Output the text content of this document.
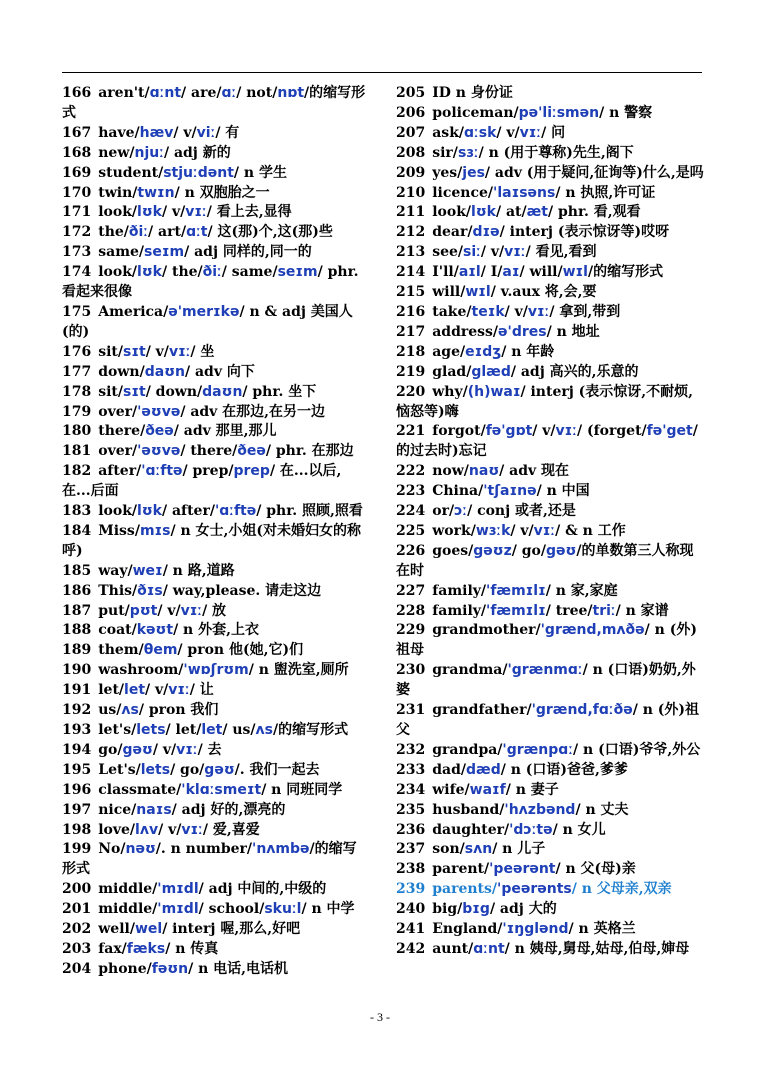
166 aren't/ɑːnt/ are/ɑː/ not/nɒt/的缩写形式
167 have/hæv/ v/viː/ 有
168 new/njuː/ adj 新的
169 student/stjuːdənt/ n 学生
170 twin/twɪn/ n 双胞胎之一
171 look/lʊk/ v/vɪː/ 看上去,显得
172 the/ðiː/ art/ɑːt/ 这(那)个,这(那)些
173 same/seɪm/ adj 同样的,同一的
174 look/lʊk/ the/ðiː/ same/seɪm/ phr. 看起来很像
175 America/ə'merɪkə/ n & adj 美国人(的)
176 sit/sɪt/ v/vɪː/ 坐
177 down/daʊn/ adv 向下
178 sit/sɪt/ down/daʊn/ phr. 坐下
179 over/'əʊvə/ adv 在那边,在另一边
180 there/ðeə/ adv 那里,那儿
181 over/'əʊvə/ there/ðeə/ phr. 在那边
182 after/'ɑːftə/ prep/prep/ 在...以后,在...后面
183 look/lʊk/ after/'ɑːftə/ phr. 照顾,照看
184 Miss/mɪs/ n 女士,小姐(对未婚妇女的称呼)
185 way/weɪ/ n 路,道路
186 This/ðɪs/ way,please. 请走这边
187 put/pʊt/ v/vɪː/ 放
188 coat/kəʊt/ n 外套,上衣
189 them/θem/ pron 他(她,它)们
190 washroom/'wɒʃrʊm/ n 盥洗室,厕所
191 let/let/ v/vɪː/ 让
192 us/ʌs/ pron 我们
193 let's/lets/ let/let/ us/ʌs/的缩写形式
194 go/gəʊ/ v/vɪː/ 去
195 Let's/lets/ go/gəʊ/. 我们一起去
196 classmate/'klɑːsmeɪt/ n 同班同学
197 nice/naɪs/ adj 好的,漂亮的
198 love/lʌv/ v/vɪː/ 爱,喜爱
199 No/nəʊ/. n number/'nʌmbə/的缩写形式
200 middle/'mɪdl/ adj 中间的,中级的
201 middle/'mɪdl/ school/skuːl/ n 中学
202 well/wel/ interj 喔,那么,好吧
203 fax/fæks/ n 传真
204 phone/fəʊn/ n 电话,电话机
205 ID n 身份证
206 policeman/pə'liːsmən/ n 警察
207 ask/ɑːsk/ v/vɪː/ 问
208 sir/sɜː/ n (用于尊称)先生,阁下
209 yes/jes/ adv (用于疑问,征询等)什么,是吗
210 licence/'laɪsəns/ n 执照,许可证
211 look/lʊk/ at/æt/ phr. 看,观看
212 dear/dɪə/ interj (表示惊讶等)哎呀
213 see/siː/ v/vɪː/ 看见,看到
214 I'll/aɪl/ I/aɪ/ will/wɪl/的缩写形式
215 will/wɪl/ v.aux 将,会,要
216 take/teɪk/ v/vɪː/ 拿到,带到
217 address/ə'dres/ n 地址
218 age/eɪdʒ/ n 年龄
219 glad/glæd/ adj 高兴的,乐意的
220 why/(h)waɪ/ interj (表示惊讶,不耐烦,恼怒等)嗨
221 forgot/fə'gɒt/ v/vɪː/ (forget/fə'get/的过去时)忘记
222 now/naʊ/ adv 现在
223 China/'tʃaɪnə/ n 中国
224 or/ɔː/ conj 或者,还是
225 work/wɜːk/ v/vɪː/ & n 工作
226 goes/gəʊz/ go/gəʊ/的单数第三人称现在时
227 family/'fæmɪlɪ/ n 家,家庭
228 family/'fæmɪlɪ/ tree/triː/ n 家谱
229 grandmother/'grænd,mʌðə/ n (外)祖母
230 grandma/'grænmɑː/ n (口语)奶奶,外婆
231 grandfather/'grænd,fɑːðə/ n (外)祖父
232 grandpa/'grænpɑː/ n (口语)爷爷,外公
233 dad/dæd/ n (口语)爸爸,爹爹
234 wife/waɪf/ n 妻子
235 husband/'hʌzbənd/ n 丈夫
236 daughter/'dɔːtə/ n 女儿
237 son/sʌn/ n 儿子
238 parent/'peərənt/ n 父(母)亲
239 parents/'peərənts/ n 父母亲,双亲
240 big/bɪg/ adj 大的
241 England/'ɪŋglənd/ n 英格兰
242 aunt/ɑːnt/ n 姨母,舅母,姑母,伯母,婶母
- 3 -
